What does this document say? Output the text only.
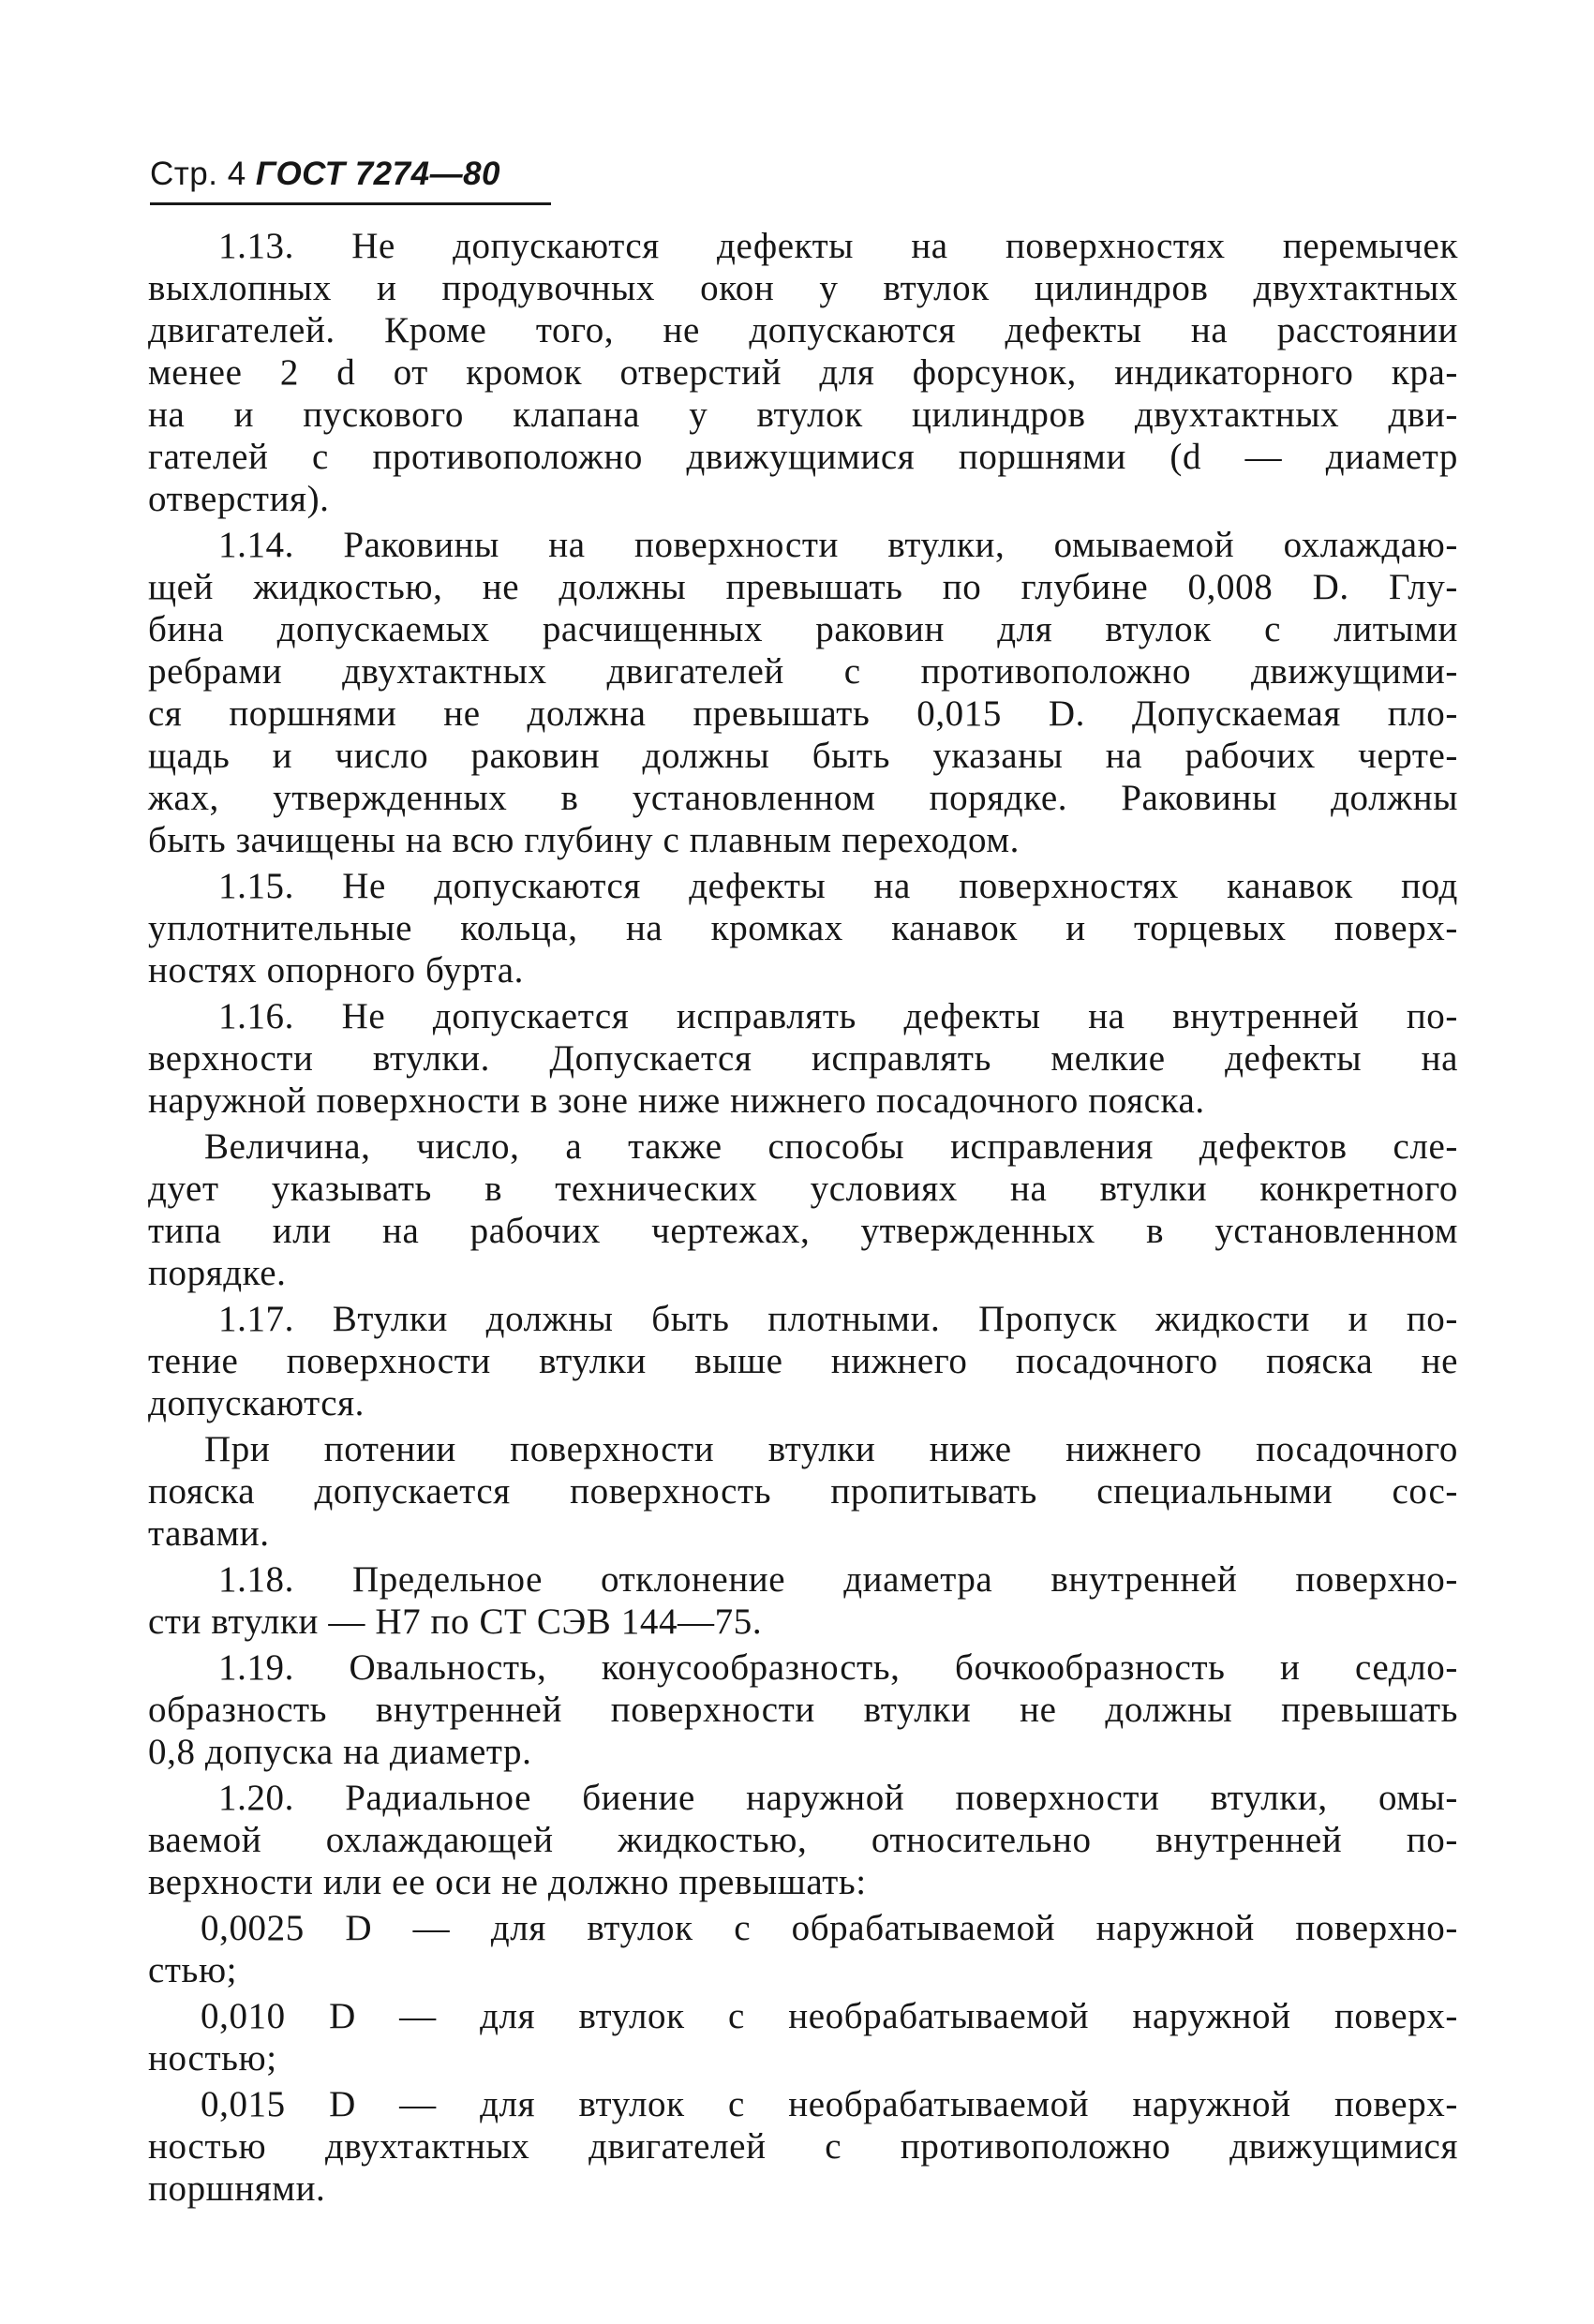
Стр. 4 ГОСТ 7274—80
1.13. Не допускаются дефекты на поверхностях перемычек
выхлопных и продувочных окон у втулок цилиндров двухтактных
двигателей. Кроме того, не допускаются дефекты на расстоянии
менее 2 d от кромок отверстий для форсунок, индикаторного кра-
на и пускового клапана у втулок цилиндров двухтактных дви-
гателей с противоположно движущимися поршнями (d — диаметр
отверстия).
1.14. Раковины на поверхности втулки, омываемой охлаждаю-
щей жидкостью, не должны превышать по глубине 0,008 D. Глу-
бина допускаемых расчищенных раковин для втулок с литыми
ребрами двухтактных двигателей с противоположно движущими-
ся поршнями не должна превышать 0,015 D. Допускаемая пло-
щадь и число раковин должны быть указаны на рабочих черте-
жах, утвержденных в установленном порядке. Раковины должны
быть зачищены на всю глубину с плавным переходом.
1.15. Не допускаются дефекты на поверхностях канавок под
уплотнительные кольца, на кромках канавок и торцевых поверх-
ностях опорного бурта.
1.16. Не допускается исправлять дефекты на внутренней по-
верхности втулки. Допускается исправлять мелкие дефекты на
наружной поверхности в зоне ниже нижнего посадочного пояска.
Величина, число, а также способы исправления дефектов сле-
дует указывать в технических условиях на втулки конкретного
типа или на рабочих чертежах, утвержденных в установленном
порядке.
1.17. Втулки должны быть плотными. Пропуск жидкости и по-
тение поверхности втулки выше нижнего посадочного пояска не
допускаются.
При потении поверхности втулки ниже нижнего посадочного
пояска допускается поверхность пропитывать специальными сос-
тавами.
1.18. Предельное отклонение диаметра внутренней поверхно-
сти втулки — Н7 по СТ СЭВ 144—75.
1.19. Овальность, конусообразность, бочкообразность и седло-
образность внутренней поверхности втулки не должны превышать
0,8 допуска на диаметр.
1.20. Радиальное биение наружной поверхности втулки, омы-
ваемой охлаждающей жидкостью, относительно внутренней по-
верхности или ее оси не должно превышать:
0,0025 D — для втулок с обрабатываемой наружной поверхно-
стью;
0,010 D — для втулок с необрабатываемой наружной поверх-
ностью;
0,015 D — для втулок с необрабатываемой наружной поверх-
ностью двухтактных двигателей с противоположно движущимися
поршнями.
